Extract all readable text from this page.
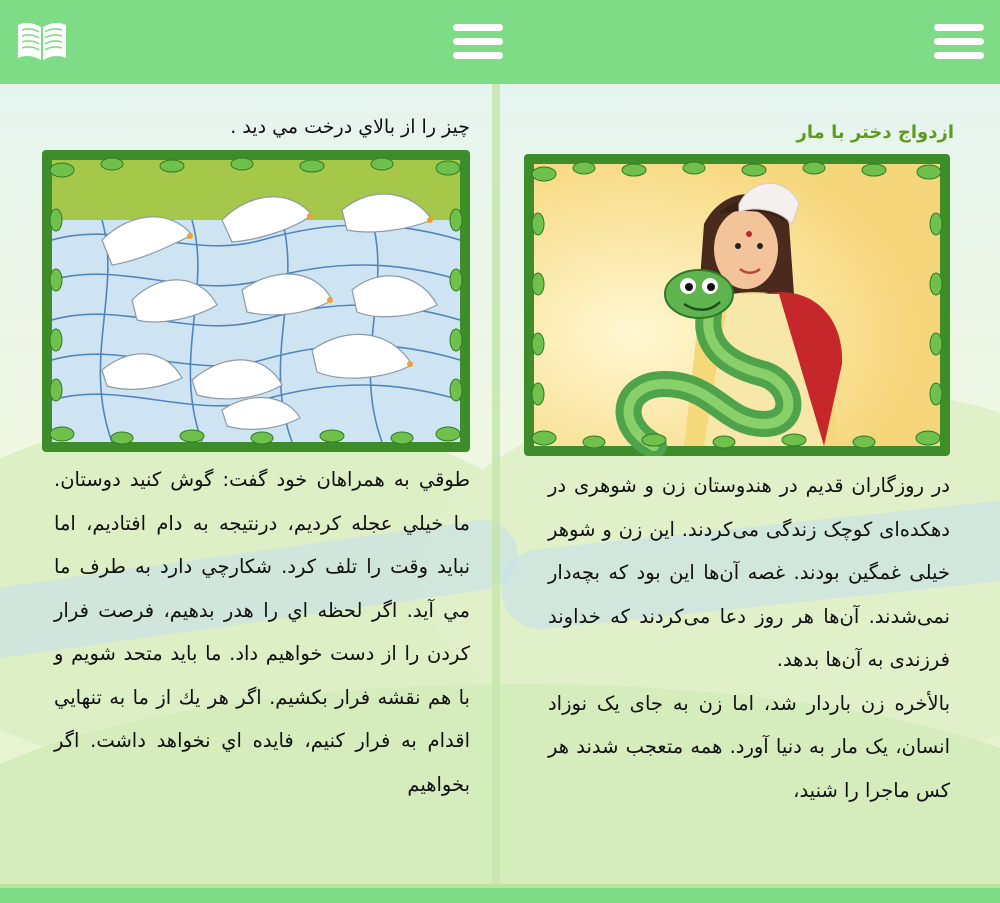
ازدواج دختر با مار

در روزگاران قدیم در هندوستان زن و شوهری در دهکده‌ای کوچک زندگی می‌کردند. این زن و شوهر خیلی غمگین بودند. غصه آن‌ها این بود که بچه‌دار نمی‌شدند. آن‌ها هر روز دعا می‌کردند که خداوند فرزندی به آن‌ها بدهد.

بالأخره زن باردار شد، اما زن به جای یک نوزاد انسان، یک مار به دنیا آورد. همه متعجب شدند هر کس ماجرا را شنید،

چيز را از بالاي درخت مي ديد .

طوقي به همراهان خود گفت: گوش كنيد دوستان. ما خيلي عجله كرديم، درنتيجه به دام افتاديم، اما نبايد وقت را تلف كرد. شكارچي دارد به طرف ما مي آيد. اگر لحظه اي را هدر بدهيم، فرصت فرار كردن را از دست خواهيم داد. ما بايد متحد شويم و با هم نقشه فرار بكشيم. اگر هر يك از ما به تنهايي اقدام به فرار كنيم، فايده اي نخواهد داشت. اگر بخواهيم
